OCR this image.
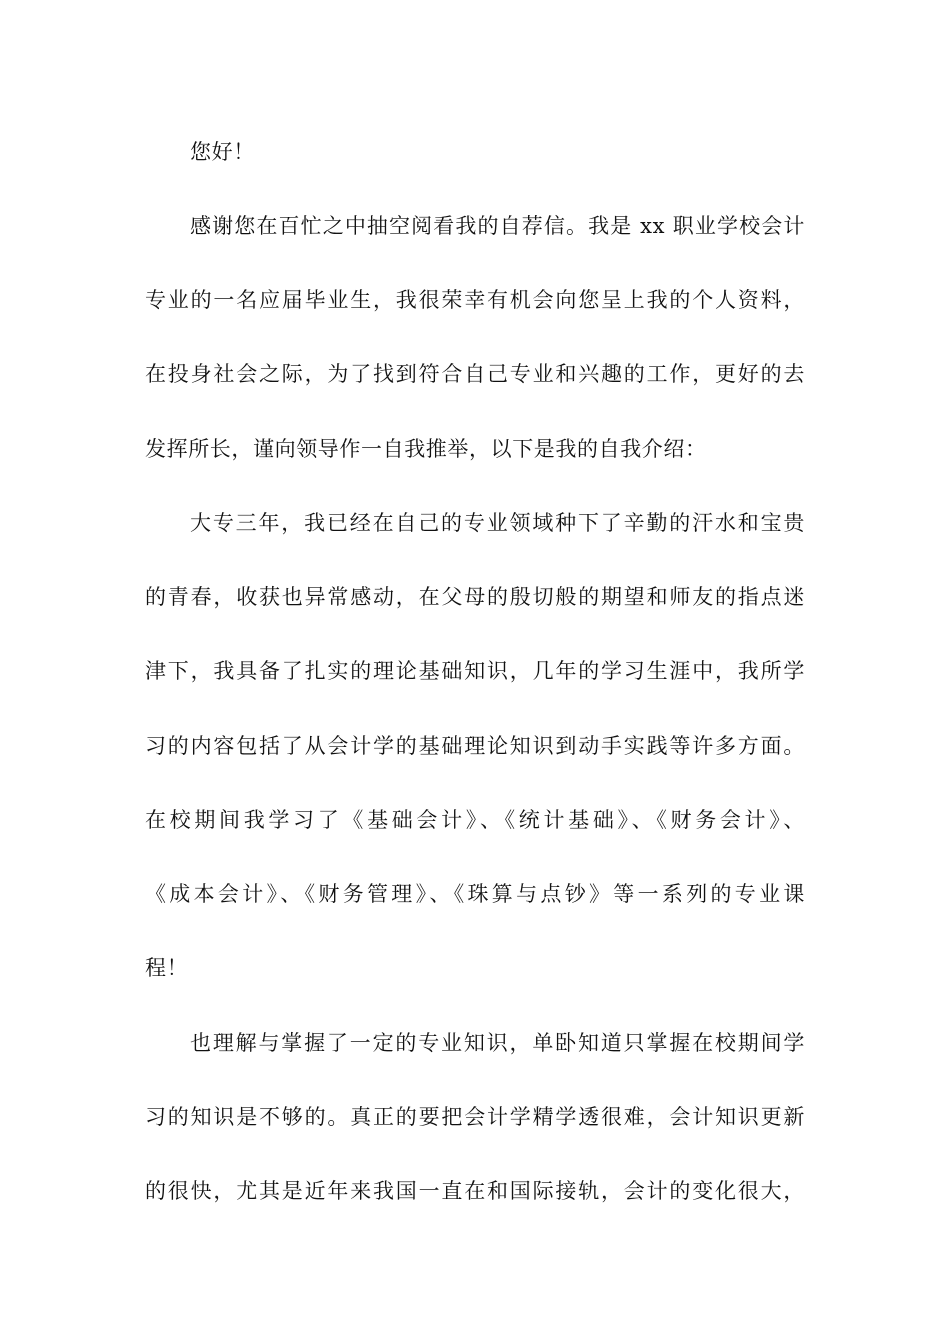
您好！
感谢您在百忙之中抽空阅看我的自荐信。我是 xx 职业学校会计
专业的一名应届毕业生，我很荣幸有机会向您呈上我的个人资料，
在投身社会之际，为了找到符合自己专业和兴趣的工作，更好的去
发挥所长，谨向领导作一自我推举，以下是我的自我介绍：
大专三年，我已经在自己的专业领域种下了辛勤的汗水和宝贵
的青春，收获也异常感动，在父母的殷切般的期望和师友的指点迷
津下，我具备了扎实的理论基础知识，几年的学习生涯中，我所学
习的内容包括了从会计学的基础理论知识到动手实践等许多方面。
在校期间我学习了《基础会计》、《统计基础》、《财务会计》、
《成本会计》、《财务管理》、《珠算与点钞》等一系列的专业课
程！
也理解与掌握了一定的专业知识，单卧知道只掌握在校期间学
习的知识是不够的。真正的要把会计学精学透很难，会计知识更新
的很快，尤其是近年来我国一直在和国际接轨，会计的变化很大，
